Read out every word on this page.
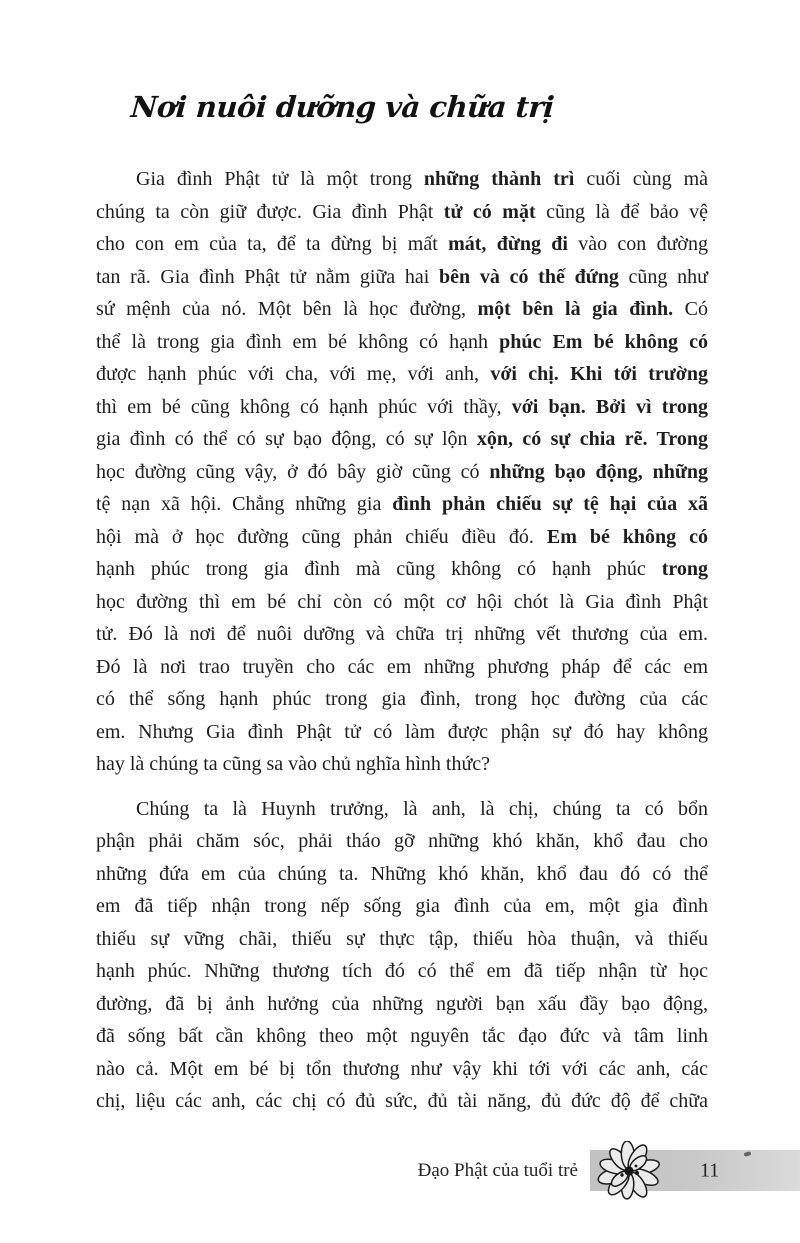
Nơi nuôi dưỡng và chữa trị
Gia đình Phật tử là một trong những thành trì cuối cùng mà
chúng ta còn giữ được. Gia đình Phật tử có mặt cũng là để bảo vệ
cho con em của ta, để ta đừng bị mất mát, đừng đi vào con đường
tan rã. Gia đình Phật tử nằm giữa hai bên và có thế đứng cũng như
sứ mệnh của nó. Một bên là học đường, một bên là gia đình. Có
thể là trong gia đình em bé không có hạnh phúc Em bé không có
được hạnh phúc với cha, với mẹ, với anh, với chị. Khi tới trường
thì em bé cũng không có hạnh phúc với thầy, với bạn. Bởi vì trong
gia đình có thể có sự bạo động, có sự lộn xộn, có sự chia rẽ. Trong
học đường cũng vậy, ở đó bây giờ cũng có những bạo động, những
tệ nạn xã hội. Chẳng những gia đình phản chiếu sự tệ hại của xã
hội mà ở học đường cũng phản chiếu điều đó. Em bé không có
hạnh phúc trong gia đình mà cũng không có hạnh phúc trong
học đường thì em bé chỉ còn có một cơ hội chót là Gia đình Phật
tử. Đó là nơi để nuôi dưỡng và chữa trị những vết thương của em.
Đó là nơi trao truyền cho các em những phương pháp để các em
có thể sống hạnh phúc trong gia đình, trong học đường của các
em. Nhưng Gia đình Phật tử có làm được phận sự đó hay không
hay là chúng ta cũng sa vào chủ nghĩa hình thức?
Chúng ta là Huynh trưởng, là anh, là chị, chúng ta có bổn
phận phải chăm sóc, phải tháo gỡ những khó khăn, khổ đau cho
những đứa em của chúng ta. Những khó khăn, khổ đau đó có thể
em đã tiếp nhận trong nếp sống gia đình của em, một gia đình
thiếu sự vững chãi, thiếu sự thực tập, thiếu hòa thuận, và thiếu
hạnh phúc. Những thương tích đó có thể em đã tiếp nhận từ học
đường, đã bị ảnh hưởng của những người bạn xấu đầy bạo động,
đã sống bất cần không theo một nguyên tắc đạo đức và tâm linh
nào cả. Một em bé bị tổn thương như vậy khi tới với các anh, các
chị, liệu các anh, các chị có đủ sức, đủ tài năng, đủ đức độ để chữa
Đạo Phật của tuổi trẻ	11
